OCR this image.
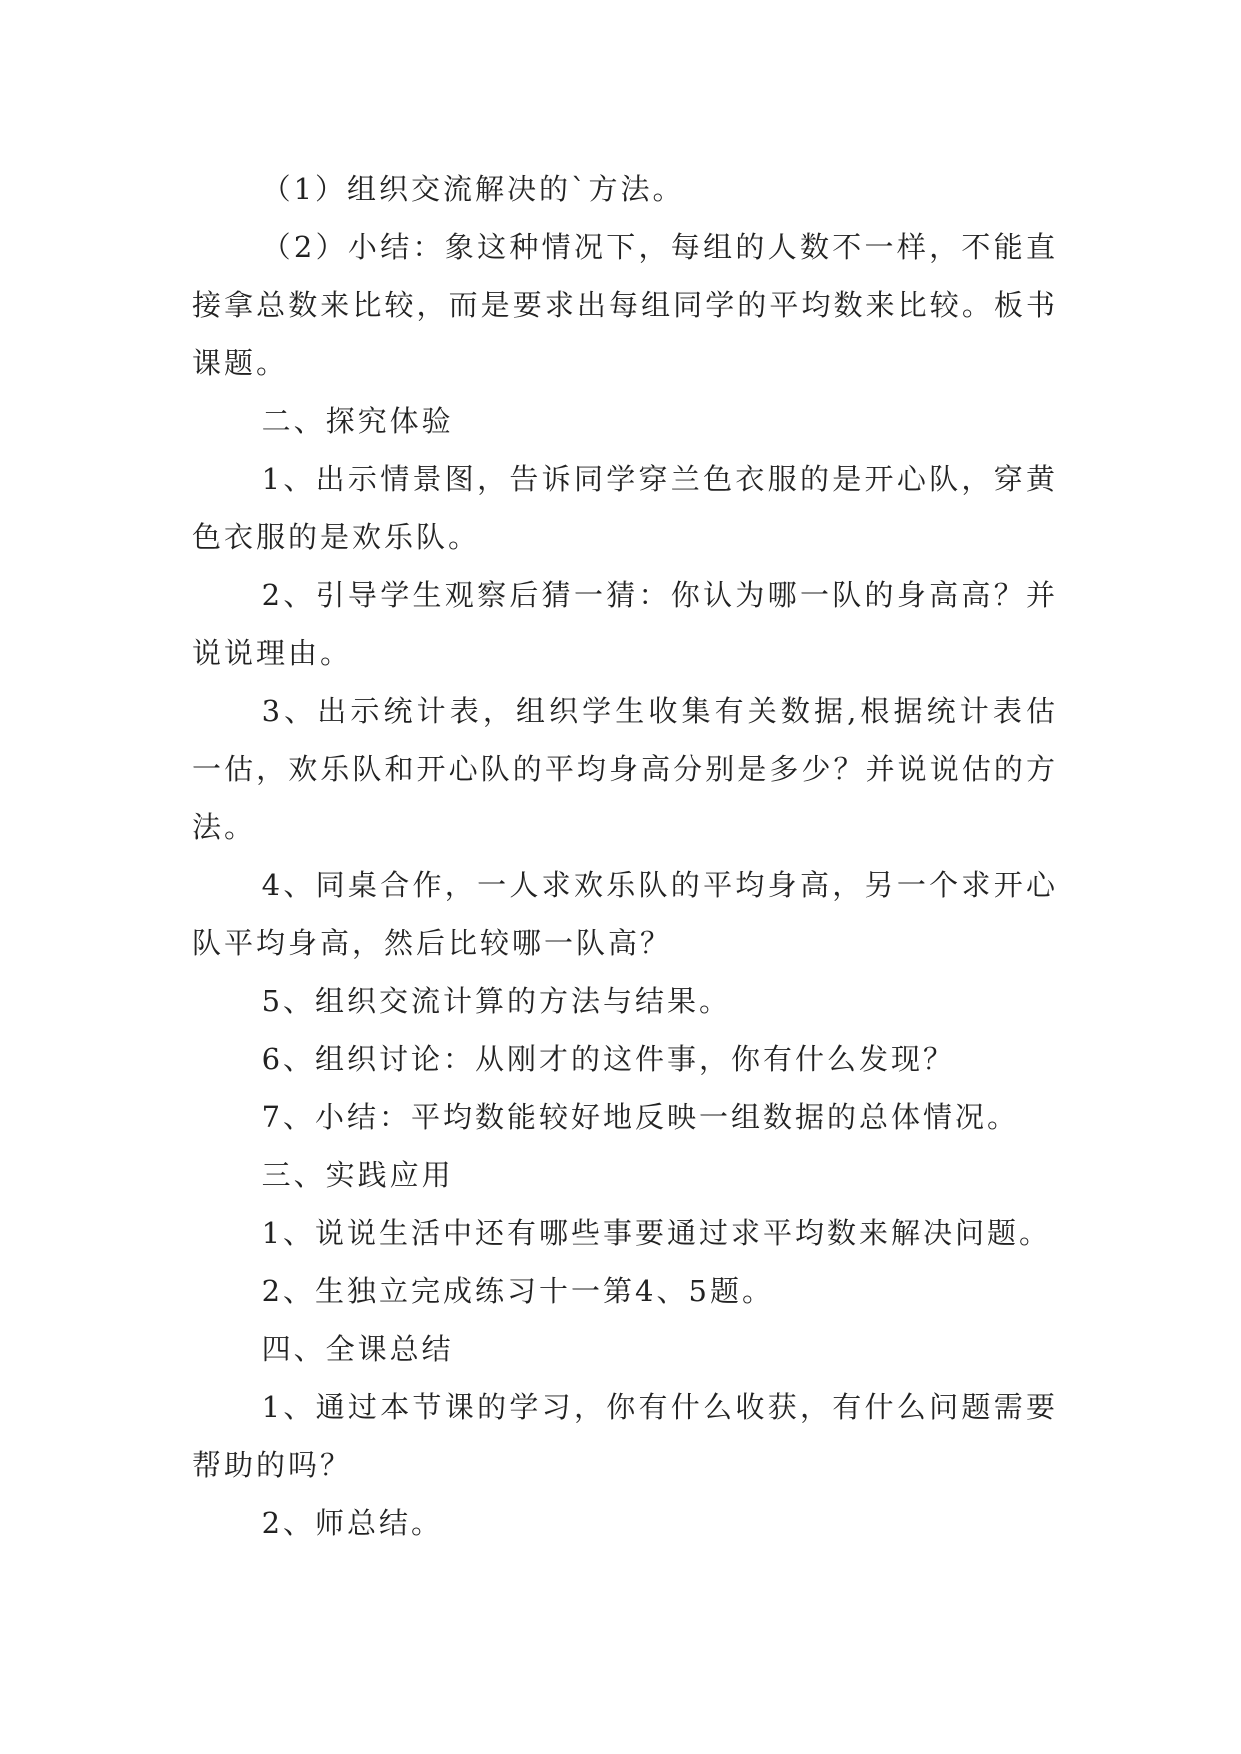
（1）组织交流解决的`方法。

（2）小结：象这种情况下，每组的人数不一样，不能直接拿总数来比较，而是要求出每组同学的平均数来比较。板书课题。

二、探究体验

1、出示情景图，告诉同学穿兰色衣服的是开心队，穿黄色衣服的是欢乐队。

2、引导学生观察后猜一猜：你认为哪一队的身高高？并说说理由。

3、出示统计表，组织学生收集有关数据,根据统计表估一估，欢乐队和开心队的平均身高分别是多少？并说说估的方法。

4、同桌合作，一人求欢乐队的平均身高，另一个求开心队平均身高，然后比较哪一队高？

5、组织交流计算的方法与结果。

6、组织讨论：从刚才的这件事，你有什么发现？

7、小结：平均数能较好地反映一组数据的总体情况。

三、实践应用

1、说说生活中还有哪些事要通过求平均数来解决问题。

2、生独立完成练习十一第4、5题。

四、全课总结

1、通过本节课的学习，你有什么收获，有什么问题需要帮助的吗？

2、师总结。
